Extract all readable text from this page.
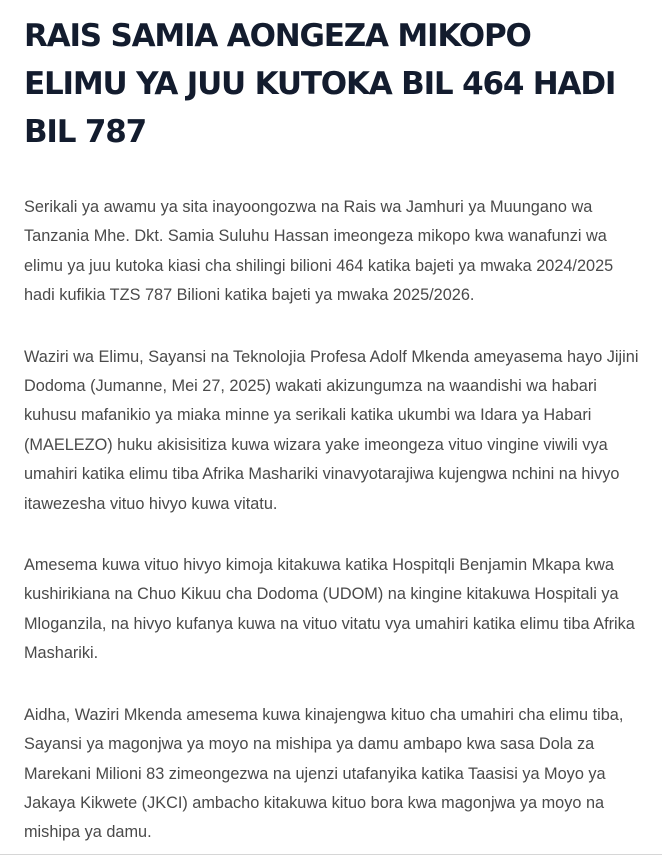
RAIS SAMIA AONGEZA MIKOPO ELIMU YA JUU KUTOKA BIL 464 HADI BIL 787

Serikali ya awamu ya sita inayoongozwa na Rais wa Jamhuri ya Muungano wa Tanzania Mhe. Dkt. Samia Suluhu Hassan imeongeza mikopo kwa wanafunzi wa elimu ya juu kutoka kiasi cha shilingi bilioni 464 katika bajeti ya mwaka 2024/2025 hadi kufikia TZS 787 Bilioni katika bajeti ya mwaka 2025/2026.

Waziri wa Elimu, Sayansi na Teknolojia Profesa Adolf Mkenda ameyasema hayo Jijini Dodoma (Jumanne, Mei 27, 2025) wakati akizungumza na waandishi wa habari kuhusu mafanikio ya miaka minne ya serikali katika ukumbi wa Idara ya Habari (MAELEZO) huku akisisitiza kuwa wizara yake imeongeza vituo vingine viwili vya umahiri katika elimu tiba Afrika Mashariki vinavyotarajiwa kujengwa nchini na hivyo itawezesha vituo hivyo kuwa vitatu.

Amesema kuwa vituo hivyo kimoja kitakuwa katika Hospitqli Benjamin Mkapa kwa kushirikiana na Chuo Kikuu cha Dodoma (UDOM) na kingine kitakuwa Hospitali ya Mloganzila, na hivyo kufanya kuwa na vituo vitatu vya umahiri katika elimu tiba Afrika Mashariki.

Aidha, Waziri Mkenda amesema kuwa kinajengwa kituo cha umahiri cha elimu tiba, Sayansi ya magonjwa ya moyo na mishipa ya damu ambapo kwa sasa Dola za Marekani Milioni 83 zimeongezwa na ujenzi utafanyika katika Taasisi ya Moyo ya Jakaya Kikwete (JKCI) ambacho kitakuwa kituo bora kwa magonjwa ya moyo na mishipa ya damu.
